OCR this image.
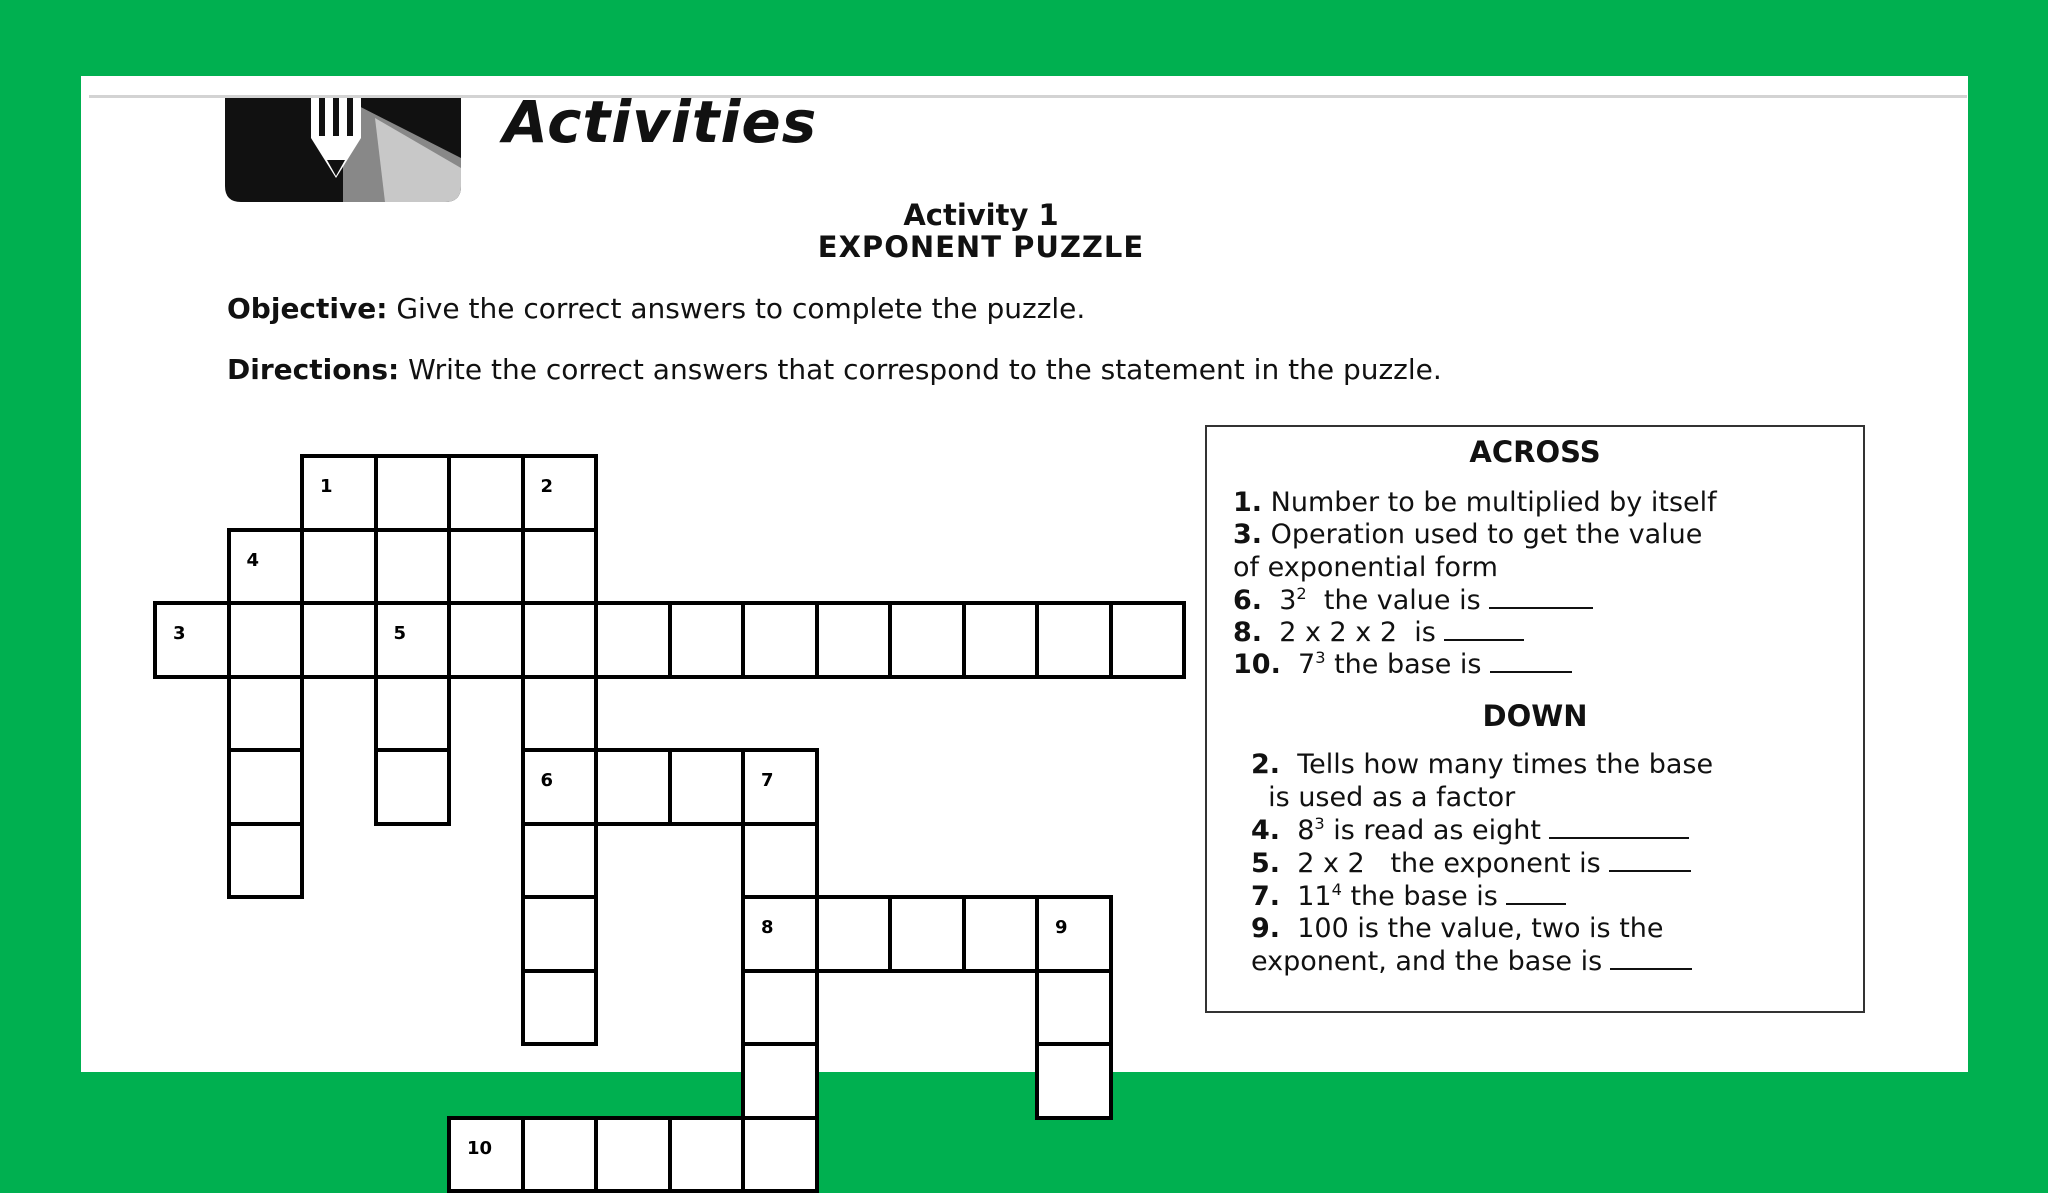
Activities
Activity 1
EXPONENT PUZZLE
Objective: Give the correct answers to complete the puzzle.
Directions: Write the correct answers that correspond to the statement in the puzzle.
1	2
4
3	5
6	7
8	9
10
ACROSS
1. Number to be multiplied by itself
3. Operation used to get the value
of exponential form
6.  $3^2$  the value is
8.  2 x 2 x 2  is
10.  $7^3$ the base is
DOWN
2.  Tells how many times the base
is used as a factor
4.  $8^3$ is read as eight
5.  2 x 2   the exponent is
7.  $11^4$ the base is
9.  100 is the value, two is the
exponent, and the base is
